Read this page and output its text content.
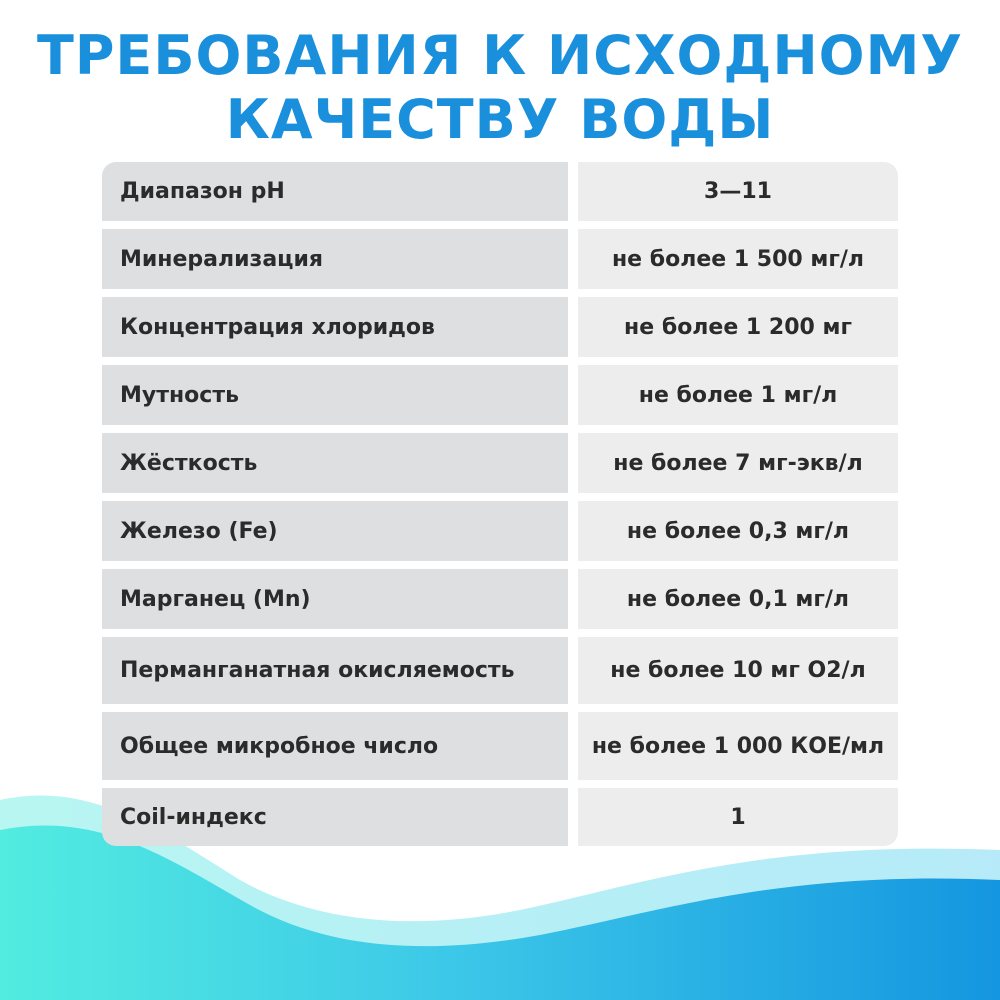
ТРЕБОВАНИЯ К ИСХОДНОМУ
КАЧЕСТВУ ВОДЫ
Диапазон pH	3—11
Минерализация	не более 1 500 мг/л
Концентрация хлоридов	не более 1 200 мг
Мутность	не более 1 мг/л
Жёсткость	не более 7 мг-экв/л
Железо (Fe)	не более 0,3 мг/л
Марганец (Mn)	не более 0,1 мг/л
Перманганатная окисляемость	не более 10 мг O2/л
Общее микробное число	не более 1 000 КОЕ/мл
Coil-индекс	1
